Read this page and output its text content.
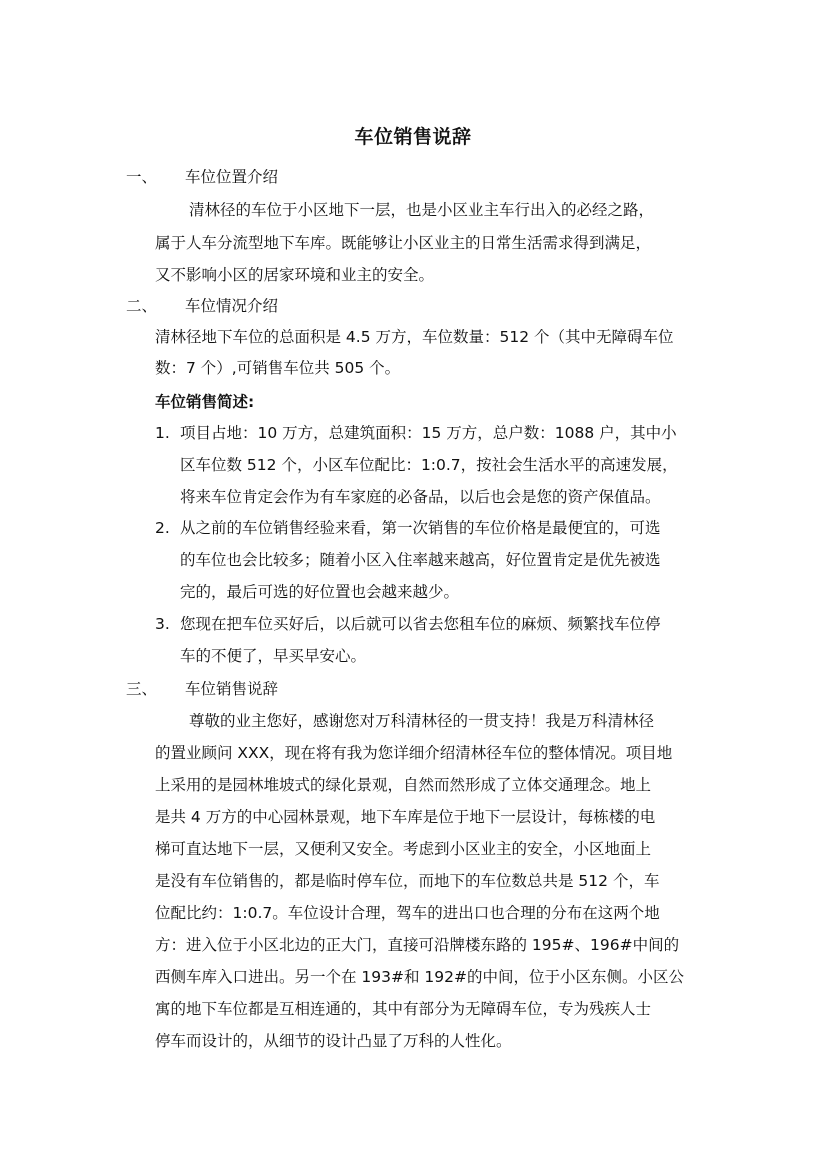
车位销售说辞
一、 车位位置介绍
清林径的车位于小区地下一层，也是小区业主车行出入的必经之路，
属于人车分流型地下车库。既能够让小区业主的日常生活需求得到满足，
又不影响小区的居家环境和业主的安全。
二、 车位情况介绍
清林径地下车位的总面积是 4.5 万方，车位数量：512 个（其中无障碍车位
数：7 个）,可销售车位共 505 个。
车位销售简述:
1. 项目占地：10 万方，总建筑面积：15 万方，总户数：1088 户，其中小
区车位数 512 个，小区车位配比：1:0.7，按社会生活水平的高速发展，
将来车位肯定会作为有车家庭的必备品，以后也会是您的资产保值品。
2. 从之前的车位销售经验来看，第一次销售的车位价格是最便宜的，可选
的车位也会比较多；随着小区入住率越来越高，好位置肯定是优先被选
完的，最后可选的好位置也会越来越少。
3. 您现在把车位买好后，以后就可以省去您租车位的麻烦、频繁找车位停
车的不便了，早买早安心。
三、 车位销售说辞
尊敬的业主您好，感谢您对万科清林径的一贯支持！我是万科清林径
的置业顾问 XXX，现在将有我为您详细介绍清林径车位的整体情况。项目地
上采用的是园林堆坡式的绿化景观，自然而然形成了立体交通理念。地上
是共 4 万方的中心园林景观，地下车库是位于地下一层设计，每栋楼的电
梯可直达地下一层，又便利又安全。考虑到小区业主的安全，小区地面上
是没有车位销售的，都是临时停车位，而地下的车位数总共是 512 个，车
位配比约：1:0.7。车位设计合理，驾车的进出口也合理的分布在这两个地
方：进入位于小区北边的正大门，直接可沿牌楼东路的 195#、196#中间的
西侧车库入口进出。另一个在 193#和 192#的中间，位于小区东侧。小区公
寓的地下车位都是互相连通的，其中有部分为无障碍车位，专为残疾人士
停车而设计的，从细节的设计凸显了万科的人性化。
